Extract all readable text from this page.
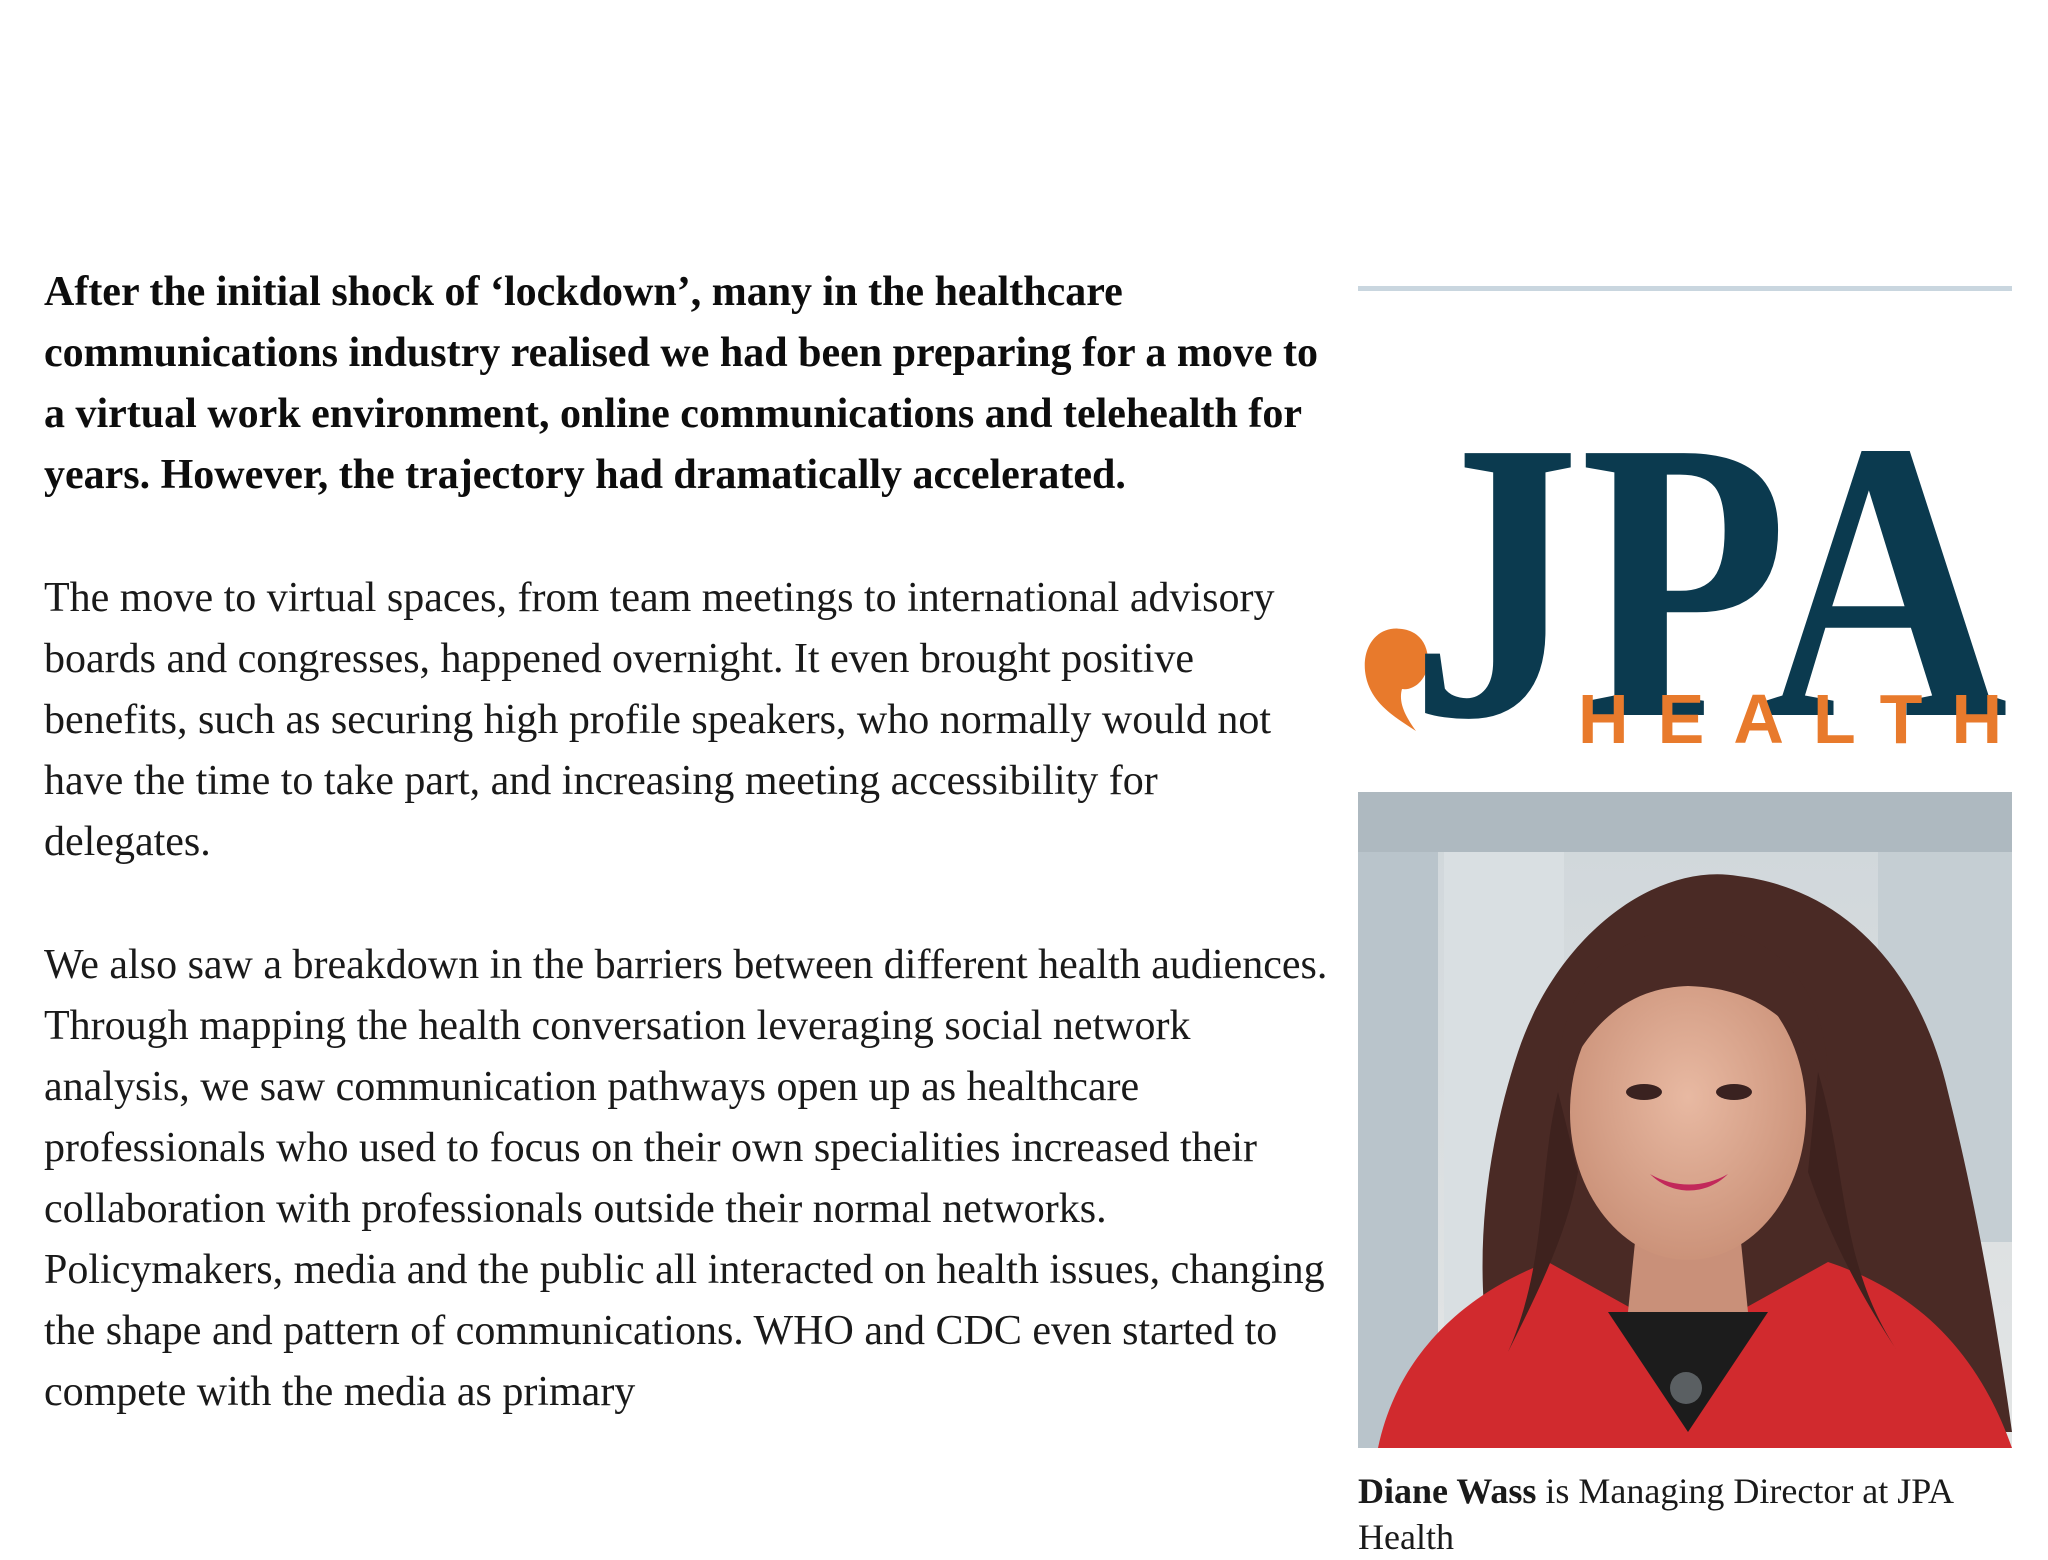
After the initial shock of ‘lockdown’, many in the healthcare communications industry realised we had been preparing for a move to a virtual work environment, online communications and telehealth for years. However, the trajectory had dramatically accelerated.

The move to virtual spaces, from team meetings to international advisory boards and congresses, happened overnight. It even brought positive benefits, such as securing high profile speakers, who normally would not have the time to take part, and increasing meeting accessibility for delegates.

We also saw a breakdown in the barriers between different health audiences. Through mapping the health conversation leveraging social network analysis, we saw communication pathways open up as healthcare professionals who used to focus on their own specialities increased their collaboration with professionals outside their normal networks.

Policymakers, media and the public all interacted on health issues, changing the shape and pattern of communications. WHO and CDC even started to compete with the media as primary

JPA
HEALTH
Diane Wass is Managing Director at JPA Health
